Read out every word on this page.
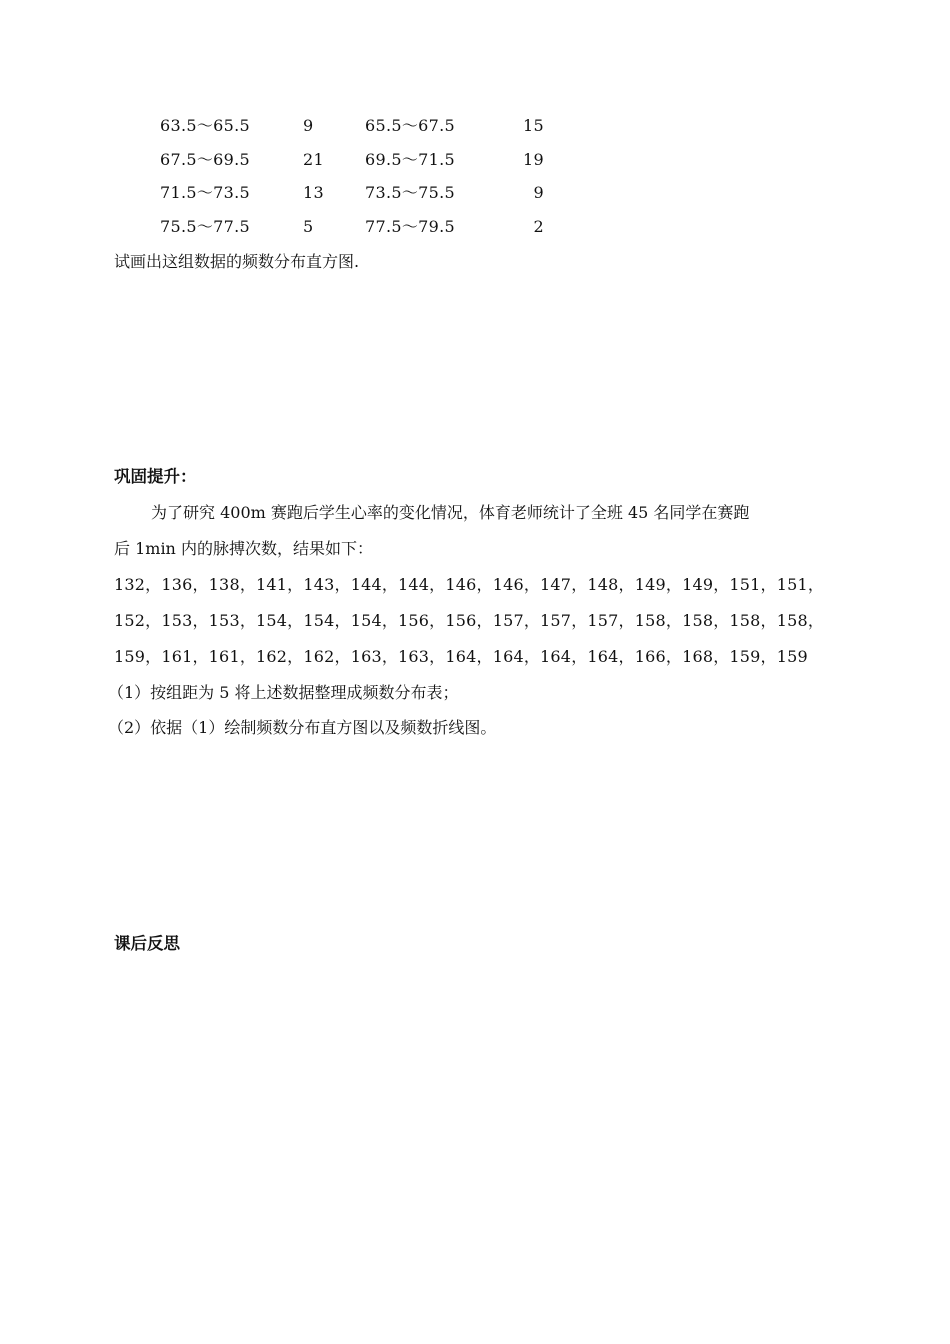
63.5～65.5	9	65.5～67.5	15
67.5～69.5	21	69.5～71.5	19
71.5～73.5	13	73.5～75.5	9
75.5～77.5	5	77.5～79.5	2
试画出这组数据的频数分布直方图.
巩固提升：
为了研究 400m 赛跑后学生心率的变化情况，体育老师统计了全班 45 名同学在赛跑
后 1min 内的脉搏次数，结果如下：
132，136，138，141，143，144，144，146，146，147，148，149，149，151，151，
152，153，153，154，154，154，156，156，157，157，157，158，158，158，158，
159，161，161，162，162，163，163，164，164，164，164，166，168，159，159
（1）按组距为 5 将上述数据整理成频数分布表；
（2）依据（1）绘制频数分布直方图以及频数折线图。
课后反思
